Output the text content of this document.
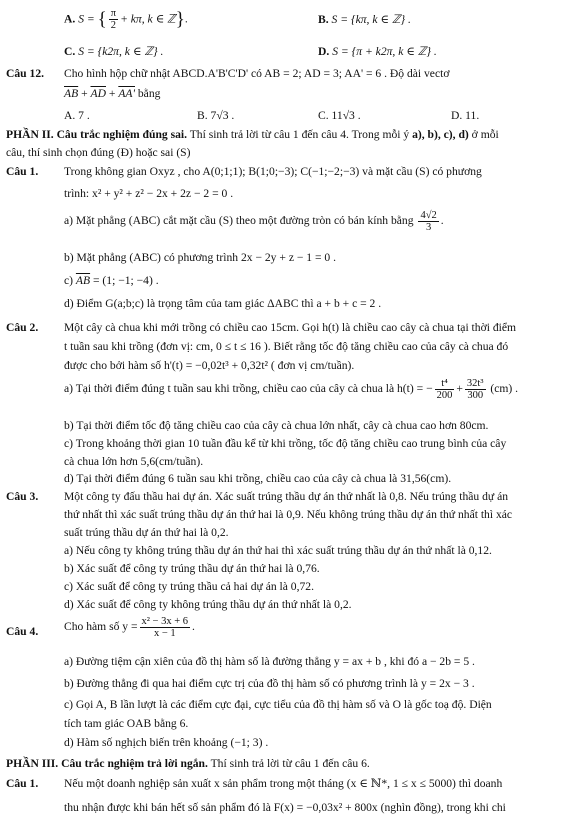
A. S = { $\frac{\pi}{2} + k\pi$, k ∈ ℤ}.	B. S = {kπ, k ∈ ℤ} .
C. S = {k2π, k ∈ ℤ} .	D. S = {π + k2π, k ∈ ℤ} .
Câu 12. Cho hình hộp chữ nhật ABCD.A'B'C'D' có AB = 2; AD = 3; AA' = 6 . Độ dài vectơ
$\overline{AB} + \overline{AD} + AA'$ bằng
A. 7 .	B. 7√3 .	C. 11√3 .	D. 11.
PHẦN II. Câu trắc nghiệm đúng sai. Thí sinh trả lời từ câu 1 đến câu 4. Trong mỗi ý a), b), c), d) ở mỗi
câu, thí sinh chọn đúng (Đ) hoặc sai (S)
Câu 1. Trong không gian Oxyz , cho A(0;1;1); B(1;0;−3); C(−1;−2;−3) và mặt cầu (S) có phương
trình: x² + y² + z² − 2x + 2z − 2 = 0 .
a) Mặt phẳng (ABC) cắt mặt cầu (S) theo một đường tròn có bán kính bằng $\frac{4√2}{3}$ .
b) Mặt phẳng (ABC) có phương trình 2x − 2y + z − 1 = 0 .
c) $\overline{AB} = (1$; −1; −4) .
d) Điểm G(a;b;c) là trọng tâm của tam giác ΔABC thì a + b + c = 2 .
Câu 2. Một cây cà chua khi mới trồng có chiều cao 15cm. Gọi h(t) là chiều cao cây cà chua tại thời điểm
t tuần sau khi trồng (đơn vị: cm, 0 ≤ t ≤ 16 ). Biết rằng tốc độ tăng chiều cao của cây cà chua đó
được cho bởi hàm số h'(t) = −0,02t³ + 0,32t² ( đơn vị cm/tuần).
a) Tại thời điểm đúng t tuần sau khi trồng, chiều cao của cây cà chua là h(t) = − $\frac{\text{t⁴}}{200} + \frac{\text{32t³}}{300} (cm)$ .
b) Tại thời điểm tốc độ tăng chiều cao của cây cà chua lớn nhất, cây cà chua cao hơn 80cm.
c) Trong khoảng thời gian 10 tuần đầu kể từ khi trồng, tốc độ tăng chiều cao trung bình của cây
cà chua lớn hơn 5,6(cm/tuần).
d) Tại thời điểm đúng 6 tuần sau khi trồng, chiều cao của cây cà chua là 31,56(cm).
Câu 3. Một công ty đấu thầu hai dự án. Xác suất trúng thầu dự án thứ nhất là 0,8. Nếu trúng thầu dự án
thứ nhất thì xác suất trúng thầu dự án thứ hai là 0,9. Nếu không trúng thầu dự án thứ nhất thì xác
suất trúng thầu dự án thứ hai là 0,2.
a) Nếu công ty không trúng thầu dự án thứ hai thì xác suất trúng thầu dự án thứ nhất là 0,12.
b) Xác suất để công ty trúng thầu dự án thứ hai là 0,76.
c) Xác suất để công ty trúng thầu cả hai dự án là 0,72.
d) Xác suất để công ty không trúng thầu dự án thứ nhất là 0,2.
Câu 4. Cho hàm số $y = \frac{\text{x² − 3x + 6}}{x - 1}$ .
a) Đường tiệm cận xiên của đồ thị hàm số là đường thẳng y = ax + b , khi đó a − 2b = 5 .
b) Đường thẳng đi qua hai điểm cực trị của đồ thị hàm số có phương trình là y = 2x − 3 .
c) Gọi A, B lần lượt là các điểm cực đại, cực tiểu của đồ thị hàm số và O là gốc toạ độ. Diện
tích tam giác OAB bằng 6.
d) Hàm số nghịch biến trên khoảng (−1; 3) .
PHẦN III. Câu trắc nghiệm trả lời ngắn. Thí sinh trả lời từ câu 1 đến câu 6.
Câu 1. Nếu một doanh nghiệp sản xuất x sản phẩm trong một tháng (x ∈ ℕ*, 1 ≤ x ≤ 5000) thì doanh
thu nhận được khi bán hết số sản phẩm đó là F(x) = −0,03x² + 800x (nghìn đồng), trong khi chi
